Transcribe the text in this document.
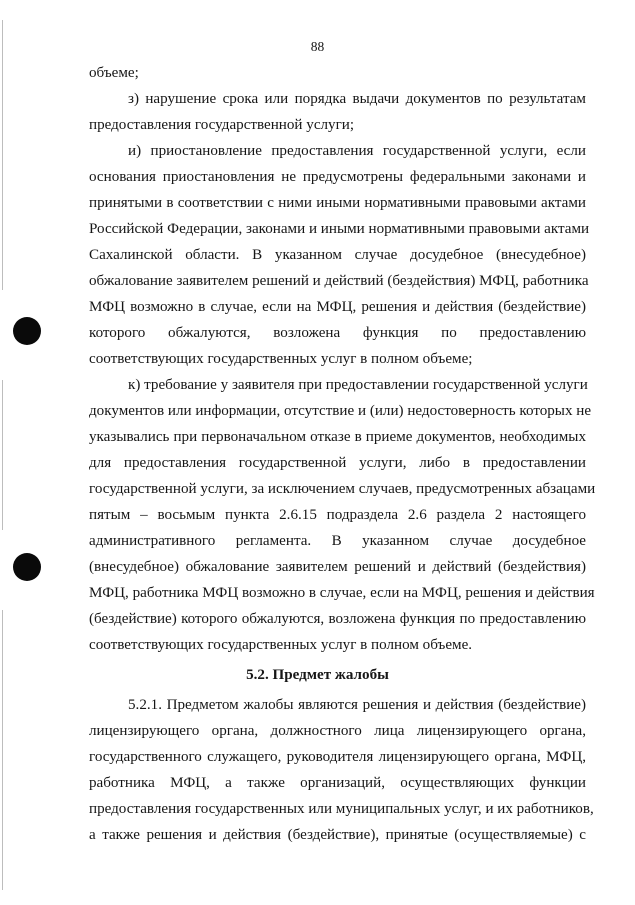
88
объеме;
з) нарушение срока или порядка выдачи документов по результатам
предоставления государственной услуги;
и) приостановление предоставления государственной услуги, если
основания приостановления не предусмотрены федеральными законами и
принятыми в соответствии с ними иными нормативными правовыми актами
Российской Федерации, законами и иными нормативными правовыми актами
Сахалинской области. В указанном случае досудебное (внесудебное)
обжалование заявителем решений и действий (бездействия) МФЦ, работника
МФЦ возможно в случае, если на МФЦ, решения и действия (бездействие)
которого обжалуются, возложена функция по предоставлению
соответствующих государственных услуг в полном объеме;
к) требование у заявителя при предоставлении государственной услуги
документов или информации, отсутствие и (или) недостоверность которых не
указывались при первоначальном отказе в приеме документов, необходимых
для предоставления государственной услуги, либо в предоставлении
государственной услуги, за исключением случаев, предусмотренных абзацами
пятым – восьмым пункта 2.6.15 подраздела 2.6 раздела 2 настоящего
административного регламента. В указанном случае досудебное
(внесудебное) обжалование заявителем решений и действий (бездействия)
МФЦ, работника МФЦ возможно в случае, если на МФЦ, решения и действия
(бездействие) которого обжалуются, возложена функция по предоставлению
соответствующих государственных услуг в полном объеме.
5.2. Предмет жалобы
5.2.1. Предметом жалобы являются решения и действия (бездействие)
лицензирующего органа, должностного лица лицензирующего органа,
государственного служащего, руководителя лицензирующего органа, МФЦ,
работника МФЦ, а также организаций, осуществляющих функции
предоставления государственных или муниципальных услуг, и их работников,
а также решения и действия (бездействие), принятые (осуществляемые) с
